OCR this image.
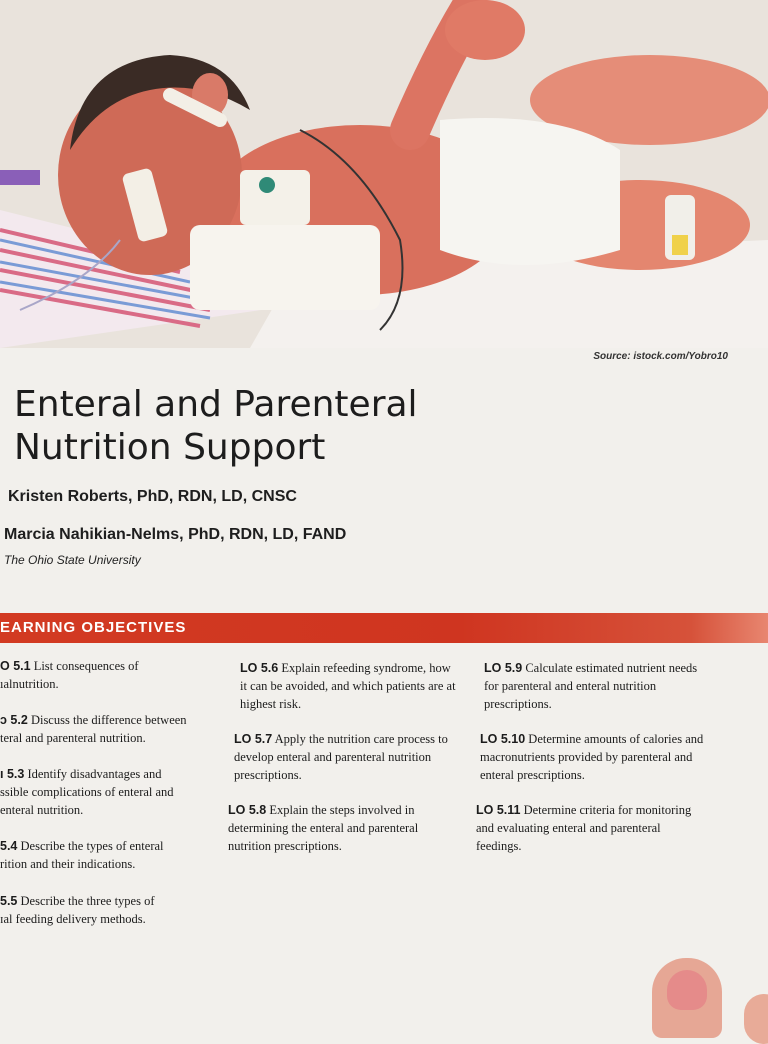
Source: istock.com/Yobro10
Enteral and Parenteral
Nutrition Support
Kristen Roberts, PhD, RDN, LD, CNSC
Marcia Nahikian-Nelms, PhD, RDN, LD, FAND
The Ohio State University
EARNING OBJECTIVES
O 5.1 List consequences of
ıalnutrition.
ↄ 5.2 Discuss the difference between
teral and parenteral nutrition.
ı 5.3 Identify disadvantages and
ssible complications of enteral and
enteral nutrition.
5.4 Describe the types of enteral
rition and their indications.
5.5 Describe the three types of
ɪal feeding delivery methods.
LO 5.6 Explain refeeding syndrome, how it can be avoided, and which patients are at highest risk.
LO 5.7 Apply the nutrition care process to develop enteral and parenteral nutrition prescriptions.
LO 5.8 Explain the steps involved in determining the enteral and parenteral nutrition prescriptions.
LO 5.9 Calculate estimated nutrient needs for parenteral and enteral nutrition prescriptions.
LO 5.10 Determine amounts of calories and macronutrients provided by parenteral and enteral prescriptions.
LO 5.11 Determine criteria for monitoring and evaluating enteral and parenteral feedings.
